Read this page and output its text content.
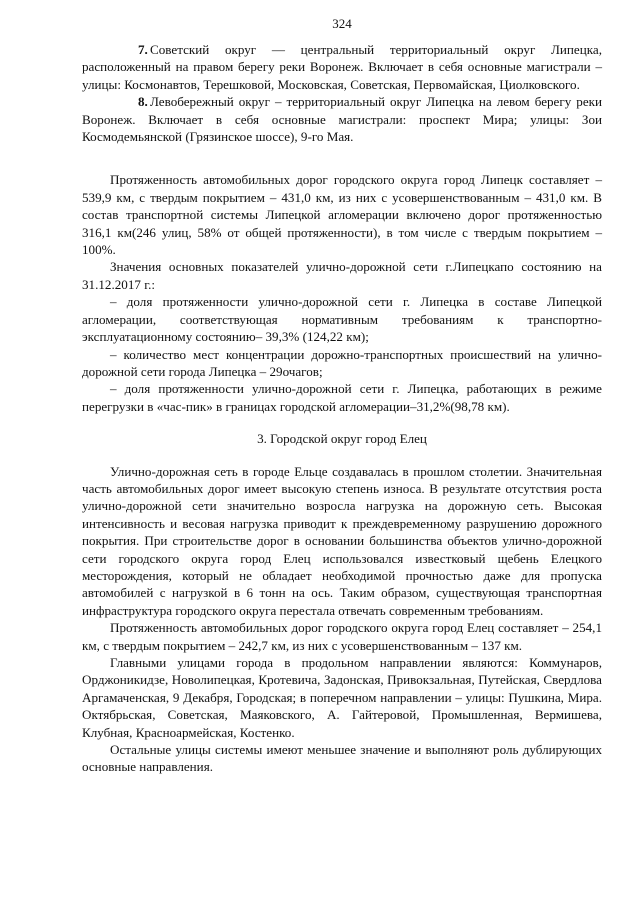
324

7. Советский округ — центральный территориальный округ Липецка, расположенный на правом берегу реки Воронеж. Включает в себя основные магистрали – улицы: Космонавтов, Терешковой, Московская, Советская, Первомайская, Циолковского.

8. Левобережный округ – территориальный округ Липецка на левом берегу реки Воронеж. Включает в себя основные магистрали: проспект Мира; улицы: Зои Космодемьянской (Грязинское шоссе), 9-го Мая.

Протяженность автомобильных дорог городского округа город Липецк составляет – 539,9 км, с твердым покрытием – 431,0 км, из них с усовершенствованным – 431,0 км. В состав транспортной системы Липецкой агломерации включено дорог протяженностью 316,1 км(246 улиц, 58% от общей протяженности), в том числе с твердым покрытием – 100%.

Значения основных показателей улично-дорожной сети г.Липецкапо состоянию на 31.12.2017 г.:

– доля протяженности улично-дорожной сети г. Липецка в составе Липецкой агломерации, соответствующая нормативным требованиям к транспортно-эксплуатационному состоянию– 39,3% (124,22 км);

– количество мест концентрации дорожно-транспортных происшествий на улично-дорожной сети города Липецка – 29очагов;

– доля протяженности улично-дорожной сети г. Липецка, работающих в режиме перегрузки в «час-пик» в границах городской агломерации–31,2%(98,78 км).

3. Городской округ город Елец

Улично-дорожная сеть в городе Ельце создавалась в прошлом столетии. Значительная часть автомобильных дорог имеет высокую степень износа. В результате отсутствия роста улично-дорожной сети значительно возросла нагрузка на дорожную сеть. Высокая интенсивность и весовая нагрузка приводит к преждевременному разрушению дорожного покрытия. При строительстве дорог в основании большинства объектов улично-дорожной сети городского округа город Елец использовался известковый щебень Елецкого месторождения, который не обладает необходимой прочностью даже для пропуска автомобилей с нагрузкой в 6 тонн на ось. Таким образом, существующая транспортная инфраструктура городского округа перестала отвечать современным требованиям.

Протяженность автомобильных дорог городского округа город Елец составляет – 254,1 км, с твердым покрытием – 242,7 км, из них с усовершенствованным – 137 км.

Главными улицами города в продольном направлении являются: Коммунаров, Орджоникидзе, Новолипецкая, Кротевича, Задонская, Привокзальная, Путейская, Свердлова Аргамаченская, 9 Декабря, Городская; в поперечном направлении – улицы: Пушкина, Мира. Октябрьская, Советская, Маяковского, А. Гайтеровой, Промышленная, Вермишева, Клубная, Красноармейская, Костенко.

Остальные улицы системы имеют меньшее значение и выполняют роль дублирующих основные направления.
